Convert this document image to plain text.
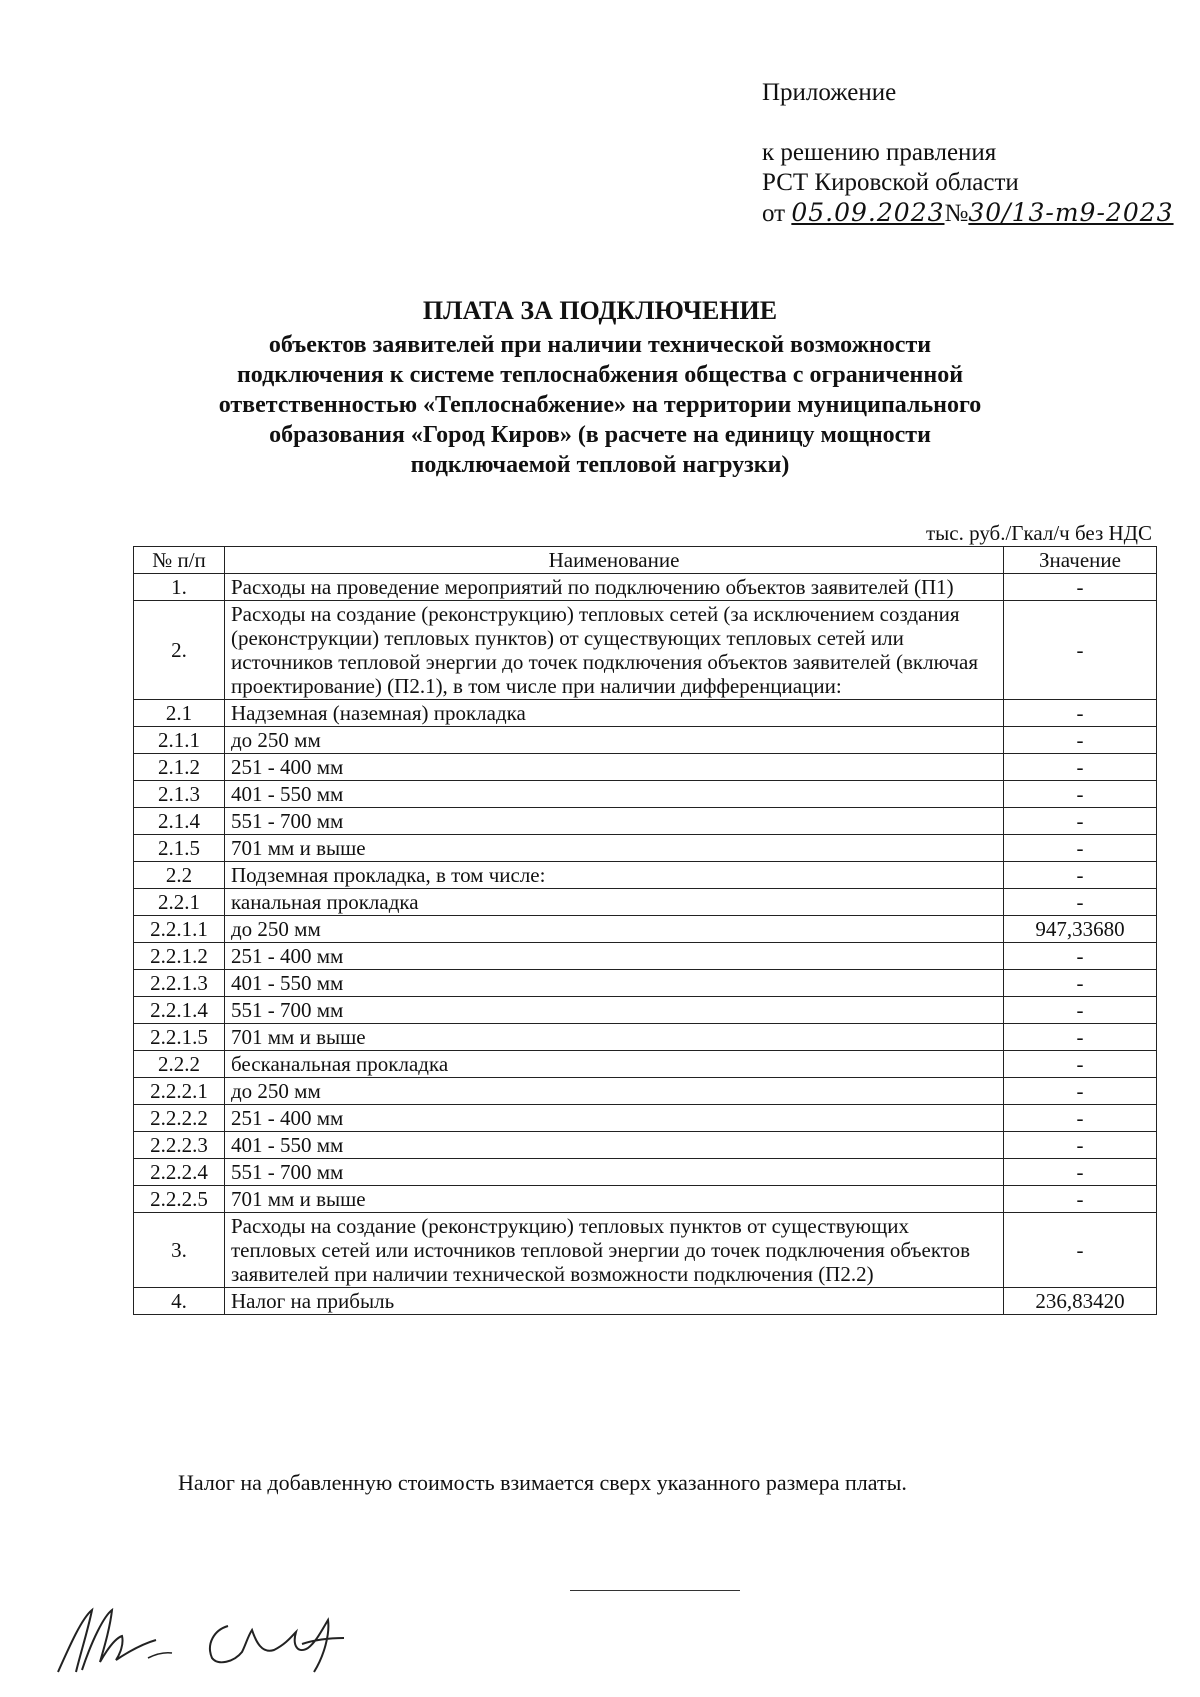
Приложение
к решению правления
РСТ Кировской области
от 05.09.2023№30/13-т9-2023
ПЛАТА ЗА ПОДКЛЮЧЕНИЕ
объектов заявителей при наличии технической возможности
подключения к системе теплоснабжения общества с ограниченной
ответственностью «Теплоснабжение» на территории муниципального
образования «Город Киров» (в расчете на единицу мощности
подключаемой тепловой нагрузки)
тыс. руб./Гкал/ч без НДС
№ п/п	Наименование	Значение
1.	Расходы на проведение мероприятий по подключению объектов заявителей (П1)	-
2.	Расходы на создание (реконструкцию) тепловых сетей (за исключением создания (реконструкции) тепловых пунктов) от существующих тепловых сетей или источников тепловой энергии до точек подключения объектов заявителей (включая проектирование) (П2.1), в том числе при наличии дифференциации:	-
2.1	Надземная (наземная) прокладка	-
2.1.1	до 250 мм	-
2.1.2	251 - 400 мм	-
2.1.3	401 - 550 мм	-
2.1.4	551 - 700 мм	-
2.1.5	701 мм и выше	-
2.2	Подземная прокладка, в том числе:	-
2.2.1	канальная прокладка	-
2.2.1.1	до 250 мм	947,33680
2.2.1.2	251 - 400 мм	-
2.2.1.3	401 - 550 мм	-
2.2.1.4	551 - 700 мм	-
2.2.1.5	701 мм и выше	-
2.2.2	бесканальная прокладка	-
2.2.2.1	до 250 мм	-
2.2.2.2	251 - 400 мм	-
2.2.2.3	401 - 550 мм	-
2.2.2.4	551 - 700 мм	-
2.2.2.5	701 мм и выше	-
3.	Расходы на создание (реконструкцию) тепловых пунктов от существующих тепловых сетей или источников тепловой энергии до точек подключения объектов заявителей при наличии технической возможности подключения (П2.2)	-
4.	Налог на прибыль	236,83420
Налог на добавленную стоимость взимается сверх указанного размера платы.
